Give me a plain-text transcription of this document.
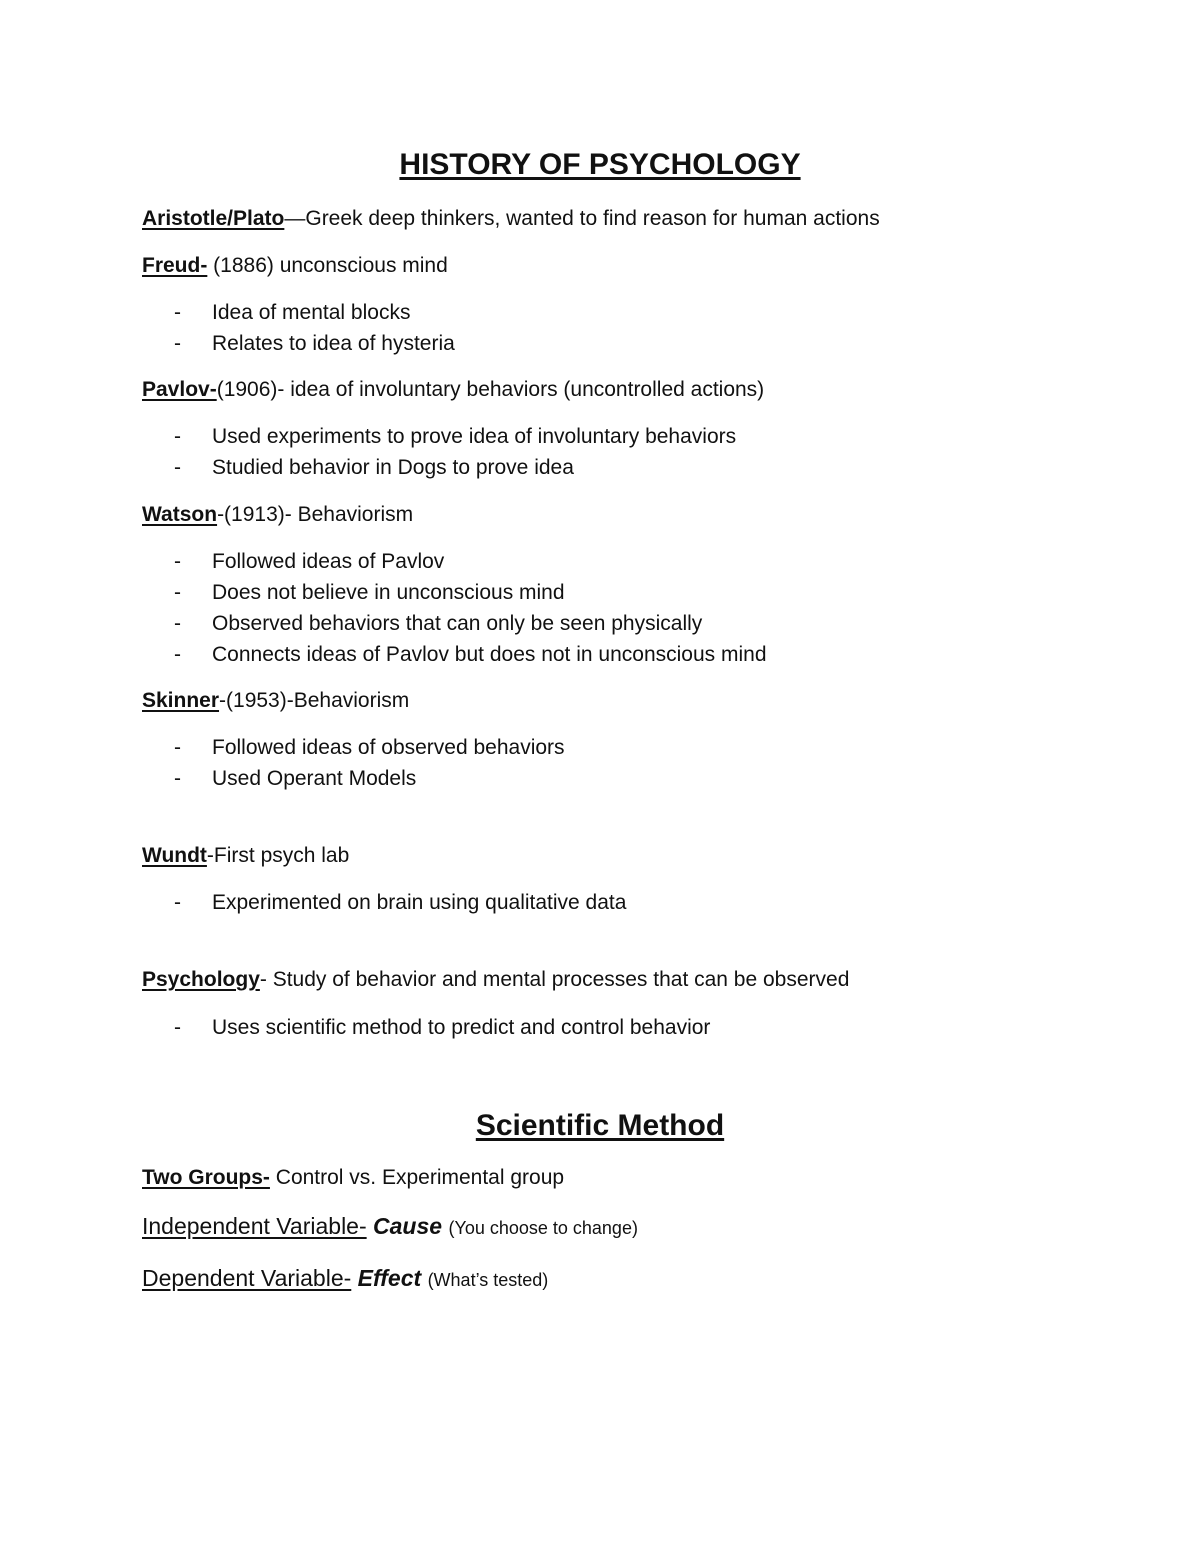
HISTORY OF PSYCHOLOGY
Aristotle/Plato—Greek deep thinkers, wanted to find reason for human actions
Freud- (1886) unconscious mind
- Idea of mental blocks
- Relates to idea of hysteria
Pavlov-(1906)- idea of involuntary behaviors (uncontrolled actions)
- Used experiments to prove idea of involuntary behaviors
- Studied behavior in Dogs to prove idea
Watson-(1913)- Behaviorism
- Followed ideas of Pavlov
- Does not believe in unconscious mind
- Observed behaviors that can only be seen physically
- Connects ideas of Pavlov but does not in unconscious mind
Skinner-(1953)-Behaviorism
- Followed ideas of observed behaviors
- Used Operant Models
Wundt-First psych lab
- Experimented on brain using qualitative data
Psychology- Study of behavior and mental processes that can be observed
- Uses scientific method to predict and control behavior
Scientific Method
Two Groups- Control vs. Experimental group
Independent Variable- Cause (You choose to change)
Dependent Variable- Effect (What’s tested)
